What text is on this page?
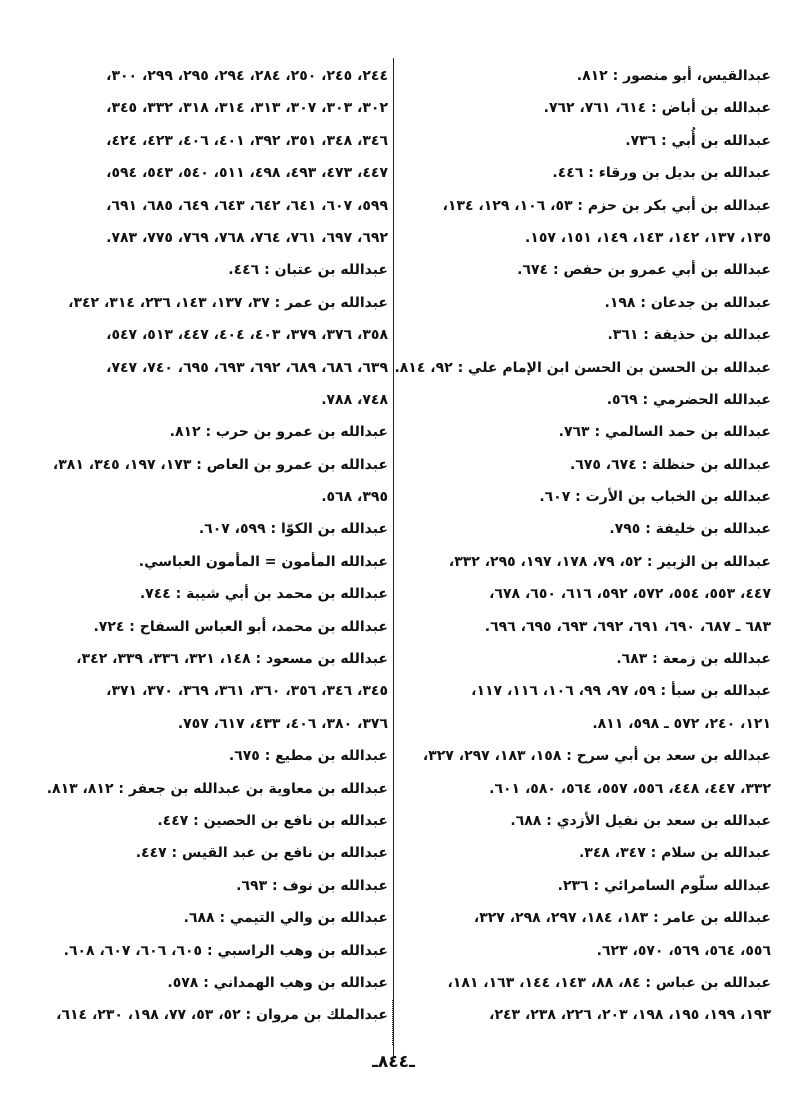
عبدالقيس، أبو منصور : ٨١٢.
عبدالله بن أباض : ٦١٤، ٧٦١، ٧٦٢.
عبدالله بن أُبي : ٧٣٦.
عبدالله بن بديل بن ورقاء : ٤٤٦.
عبدالله بن أبي بكر بن حزم : ٥٣، ١٠٦، ١٢٩، ١٣٤،
١٣٥، ١٣٧، ١٤٢، ١٤٣، ١٤٩، ١٥١، ١٥٧.
عبدالله بن أبي عمرو بن حفص : ٦٧٤.
عبدالله بن جدعان : ١٩٨.
عبدالله بن حذيفة : ٣٦١.
عبدالله بن الحسن بن الحسن ابن الإمام علي : ٩٢، ٨١٤.
عبدالله الحضرمي : ٥٦٩.
عبدالله بن حمد السالمي : ٧٦٣.
عبدالله بن حنظلة : ٦٧٤، ٦٧٥.
عبدالله بن الخباب بن الأرت : ٦٠٧.
عبدالله بن خليفة : ٧٩٥.
عبدالله بن الزبير : ٥٢، ٧٩، ١٧٨، ١٩٧، ٢٩٥، ٣٣٢،
٤٤٧، ٥٥٣، ٥٥٤، ٥٧٢، ٥٩٢، ٦١٦، ٦٥٠، ٦٧٨،
٦٨٣ ـ ٦٨٧، ٦٩٠، ٦٩١، ٦٩٢، ٦٩٣، ٦٩٥، ٦٩٦.
عبدالله بن زمعة : ٦٨٣.
عبدالله بن سبأ : ٥٩، ٩٧، ٩٩، ١٠٦، ١١٦، ١١٧،
١٢١، ٢٤٠، ٥٧٢ ـ ٥٩٨، ٨١١.
عبدالله بن سعد بن أبي سرح : ١٥٨، ١٨٣، ٢٩٧، ٣٢٧،
٣٣٢، ٤٤٧، ٤٤٨، ٥٥٦، ٥٥٧، ٥٦٤، ٥٨٠، ٦٠١.
عبدالله بن سعد بن نفيل الأزدي : ٦٨٨.
عبدالله بن سلام : ٣٤٧، ٣٤٨.
عبدالله سلّوم السامرائي : ٢٣٦.
عبدالله بن عامر : ١٨٣، ١٨٤، ٢٩٧، ٢٩٨، ٣٢٧،
٥٥٦، ٥٦٤، ٥٦٩، ٥٧٠، ٦٢٣.
عبدالله بن عباس : ٨٤، ٨٨، ١٤٣، ١٤٤، ١٦٣، ١٨١،
١٩٣، ١٩٩، ١٩٥، ١٩٨، ٢٠٣، ٢٢٦، ٢٣٨، ٢٤٣،
٢٤٤، ٢٤٥، ٢٥٠، ٢٨٤، ٢٩٤، ٢٩٥، ٢٩٩، ٣٠٠،
٣٠٢، ٣٠٣، ٣٠٧، ٣١٣، ٣١٤، ٣١٨، ٣٣٢، ٣٤٥،
٣٤٦، ٣٤٨، ٣٥١، ٣٩٢، ٤٠١، ٤٠٦، ٤٢٣، ٤٢٤،
٤٤٧، ٤٧٣، ٤٩٣، ٤٩٨، ٥١١، ٥٤٠، ٥٤٣، ٥٩٤،
٥٩٩، ٦٠٧، ٦٤١، ٦٤٢، ٦٤٣، ٦٤٩، ٦٨٥، ٦٩١،
٦٩٢، ٦٩٧، ٧٦١، ٧٦٤، ٧٦٨، ٧٦٩، ٧٧٥، ٧٨٣.
عبدالله بن عتبان : ٤٤٦.
عبدالله بن عمر : ٣٧، ١٣٧، ١٤٣، ٢٣٦، ٣١٤، ٣٤٢،
٣٥٨، ٣٧٦، ٣٧٩، ٤٠٣، ٤٠٤، ٤٤٧، ٥١٣، ٥٤٧،
٦٣٩، ٦٨٦، ٦٨٩، ٦٩٢، ٦٩٣، ٦٩٥، ٧٤٠، ٧٤٧،
٧٤٨، ٧٨٨.
عبدالله بن عمرو بن حرب : ٨١٢.
عبدالله بن عمرو بن العاص : ١٧٣، ١٩٧، ٣٤٥، ٣٨١،
٣٩٥، ٥٦٨.
عبدالله بن الكوّا : ٥٩٩، ٦٠٧.
عبدالله المأمون = المأمون العباسي.
عبدالله بن محمد بن أبي شيبة : ٧٤٤.
عبدالله بن محمد، أبو العباس السفاح : ٧٢٤.
عبدالله بن مسعود : ١٤٨، ٣٢١، ٣٣٦، ٣٣٩، ٣٤٢،
٣٤٥، ٣٤٦، ٣٥٦، ٣٦٠، ٣٦١، ٣٦٩، ٣٧٠، ٣٧١،
٣٧٦، ٣٨٠، ٤٠٦، ٤٣٣، ٦١٧، ٧٥٧.
عبدالله بن مطيع : ٦٧٥.
عبدالله بن معاوية بن عبدالله بن جعفر : ٨١٢، ٨١٣.
عبدالله بن نافع بن الحصين : ٤٤٧.
عبدالله بن نافع بن عبد القيس : ٤٤٧.
عبدالله بن نوف : ٦٩٣.
عبدالله بن والي التيمي : ٦٨٨.
عبدالله بن وهب الراسبي : ٦٠٥، ٦٠٦، ٦٠٧، ٦٠٨.
عبدالله بن وهب الهمداني : ٥٧٨.
عبدالملك بن مروان : ٥٢، ٥٣، ٧٧، ١٩٨، ٢٣٠، ٦١٤،
ـ٨٤٤ـ
